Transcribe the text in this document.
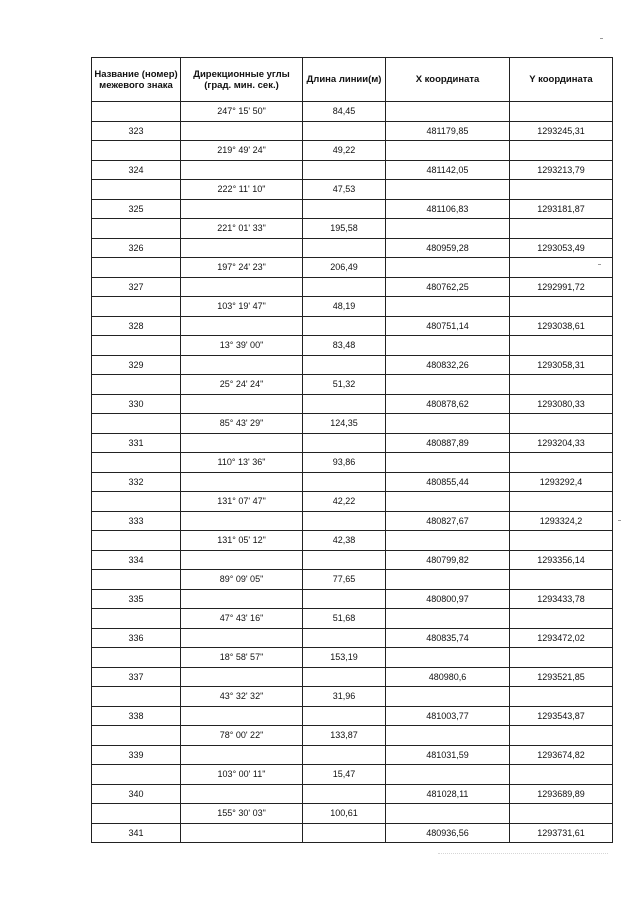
Название (номер) межевого знака	Дирекционные углы (град. мин. сек.)	Длина линии(м)	X координата	Y координата
	247° 15' 50"	84,45		
323			481179,85	1293245,31
	219° 49' 24"	49,22		
324			481142,05	1293213,79
	222° 11' 10"	47,53		
325			481106,83	1293181,87
	221° 01' 33"	195,58		
326			480959,28	1293053,49
	197° 24' 23"	206,49		
327			480762,25	1292991,72
	103° 19' 47"	48,19		
328			480751,14	1293038,61
	13° 39' 00"	83,48		
329			480832,26	1293058,31
	25° 24' 24"	51,32		
330			480878,62	1293080,33
	85° 43' 29"	124,35		
331			480887,89	1293204,33
	110° 13' 36"	93,86		
332			480855,44	1293292,4
	131° 07' 47"	42,22		
333			480827,67	1293324,2
	131° 05' 12"	42,38		
334			480799,82	1293356,14
	89° 09' 05"	77,65		
335			480800,97	1293433,78
	47° 43' 16"	51,68		
336			480835,74	1293472,02
	18° 58' 57"	153,19		
337			480980,6	1293521,85
	43° 32' 32"	31,96		
338			481003,77	1293543,87
	78° 00' 22"	133,87		
339			481031,59	1293674,82
	103° 00' 11"	15,47		
340			481028,11	1293689,89
	155° 30' 03"	100,61		
341			480936,56	1293731,61
